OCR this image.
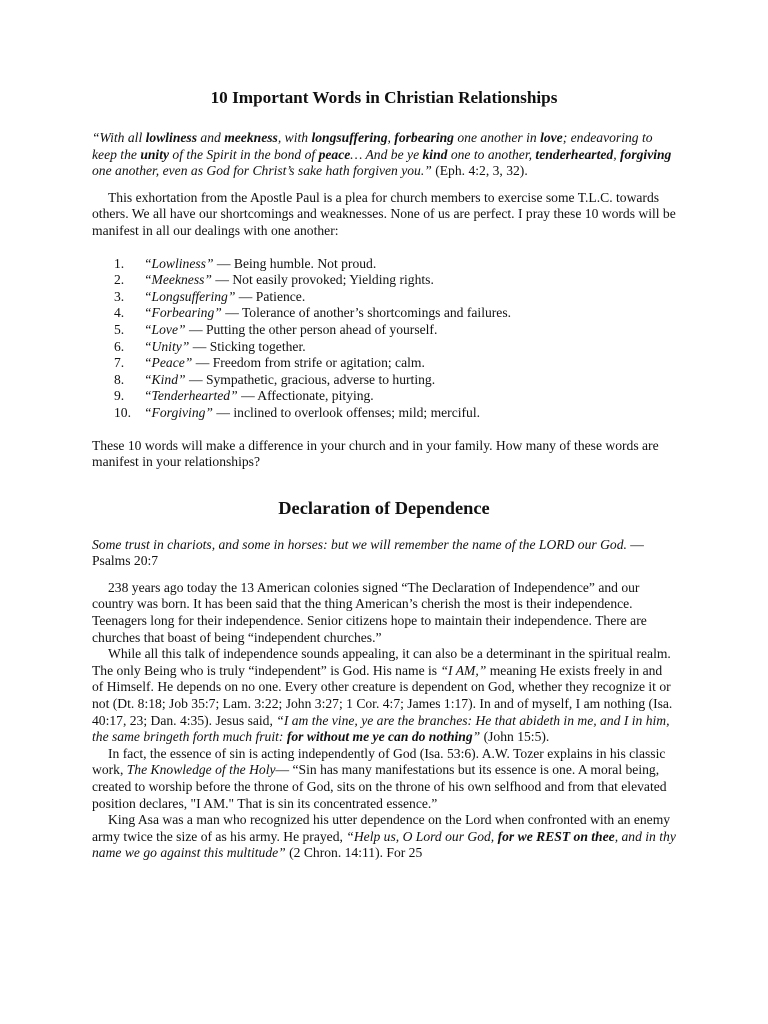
10 Important Words in Christian Relationships

“With all lowliness and meekness, with longsuffering, forbearing one another in love; endeavoring to keep the unity of the Spirit in the bond of peace… And be ye kind one to another, tenderhearted, forgiving one another, even as God for Christ’s sake hath forgiven you.” (Eph. 4:2, 3, 32).

This exhortation from the Apostle Paul is a plea for church members to exercise some T.L.C. towards others. We all have our shortcomings and weaknesses. None of us are perfect. I pray these 10 words will be manifest in all our dealings with one another:

1. “Lowliness” — Being humble. Not proud.
2. “Meekness” — Not easily provoked; Yielding rights.
3. “Longsuffering” — Patience.
4. “Forbearing” — Tolerance of another’s shortcomings and failures.
5. “Love” — Putting the other person ahead of yourself.
6. “Unity” — Sticking together.
7. “Peace” — Freedom from strife or agitation; calm.
8. “Kind” — Sympathetic, gracious, adverse to hurting.
9. “Tenderhearted” — Affectionate, pitying.
10. “Forgiving” — inclined to overlook offenses; mild; merciful.

These 10 words will make a difference in your church and in your family. How many of these words are manifest in your relationships?

Declaration of Dependence

Some trust in chariots, and some in horses: but we will remember the name of the LORD our God. —Psalms 20:7

238 years ago today the 13 American colonies signed “The Declaration of Independence” and our country was born. It has been said that the thing American’s cherish the most is their independence. Teenagers long for their independence. Senior citizens hope to maintain their independence. There are churches that boast of being “independent churches.”

While all this talk of independence sounds appealing, it can also be a determinant in the spiritual realm. The only Being who is truly “independent” is God. His name is “I AM,” meaning He exists freely in and of Himself. He depends on no one. Every other creature is dependent on God, whether they recognize it or not (Dt. 8:18; Job 35:7; Lam. 3:22; John 3:27; 1 Cor. 4:7; James 1:17). In and of myself, I am nothing (Isa. 40:17, 23; Dan. 4:35). Jesus said, “I am the vine, ye are the branches: He that abideth in me, and I in him, the same bringeth forth much fruit: for without me ye can do nothing” (John 15:5).

In fact, the essence of sin is acting independently of God (Isa. 53:6). A.W. Tozer explains in his classic work, The Knowledge of the Holy— “Sin has many manifestations but its essence is one. A moral being, created to worship before the throne of God, sits on the throne of his own selfhood and from that elevated position declares, "I AM." That is sin its concentrated essence.”

King Asa was a man who recognized his utter dependence on the Lord when confronted with an enemy army twice the size of as his army. He prayed, “Help us, O Lord our God, for we REST on thee, and in thy name we go against this multitude” (2 Chron. 14:11). For 25
